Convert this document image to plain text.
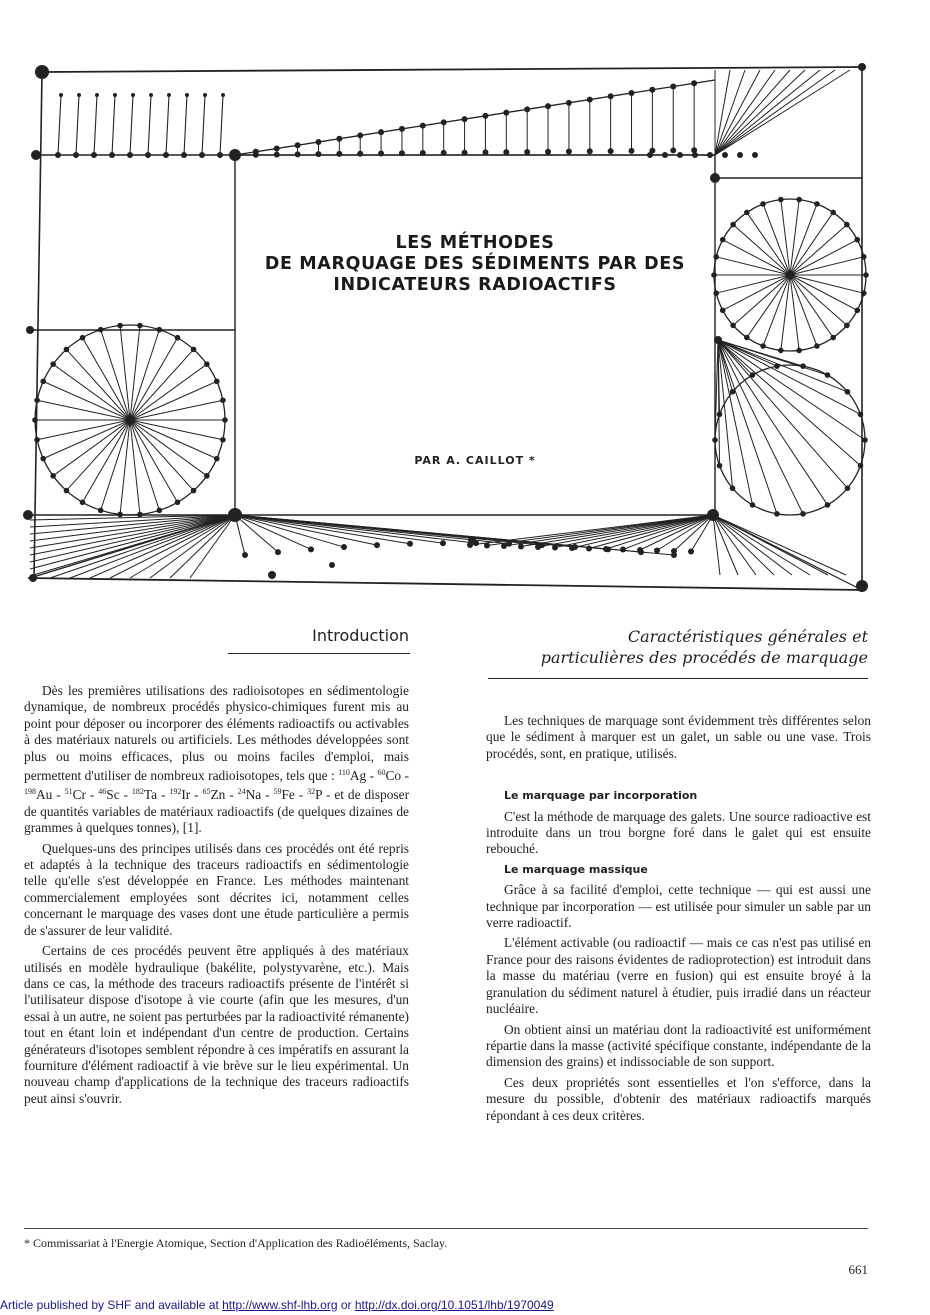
LES MÉTHODES
DE MARQUAGE DES SÉDIMENTS PAR DES
INDICATEURS RADIOACTIFS
PAR A. CAILLOT *
Introduction	Caractéristiques générales et
particulières des procédés de marquage

Dès les premières utilisations des radioisotopes en sédimentologie dynamique, de nombreux procédés physico-chimiques furent mis au point pour déposer ou incorporer des éléments radioactifs ou activables à des matériaux naturels ou artificiels. Les méthodes développées sont plus ou moins efficaces, plus ou moins faciles d'emploi, mais permettent d'utiliser de nombreux radioisotopes, tels que : $^{110}$Ag - $^{60}$Co - $^{198}$Au - $^{51}$Cr - $^{46}$Sc - $^{182}$Ta - $^{192}$Ir - $^{65}$Zn - $^{24}$Na - $^{59}$Fe - $^{32}$P - et de disposer de quantités variables de matériaux radioactifs (de quelques dizaines de grammes à quelques tonnes), [1].

Quelques-uns des principes utilisés dans ces procédés ont été repris et adaptés à la technique des traceurs radioactifs en sédimentologie telle qu'elle s'est développée en France. Les méthodes maintenant commercialement employées sont décrites ici, notamment celles concernant le marquage des vases dont une étude particulière a permis de s'assurer de leur validité.

Certains de ces procédés peuvent être appliqués à des matériaux utilisés en modèle hydraulique (bakélite, polystyvarène, etc.). Mais dans ce cas, la méthode des traceurs radioactifs présente de l'intérêt si l'utilisateur dispose d'isotope à vie courte (afin que les mesures, d'un essai à un autre, ne soient pas perturbées par la radioactivité rémanente) tout en étant loin et indépendant d'un centre de production. Certains générateurs d'isotopes semblent répondre à ces impératifs en assurant la fourniture d'élément radioactif à vie brève sur le lieu expérimental. Un nouveau champ d'applications de la technique des traceurs radioactifs peut ainsi s'ouvrir.

Les techniques de marquage sont évidemment très différentes selon que le sédiment à marquer est un galet, un sable ou une vase. Trois procédés, sont, en pratique, utilisés.

Le marquage par incorporation

C'est la méthode de marquage des galets. Une source radioactive est introduite dans un trou borgne foré dans le galet qui est ensuite rebouché.

Le marquage massique

Grâce à sa facilité d'emploi, cette technique — qui est aussi une technique par incorporation — est utilisée pour simuler un sable par un verre radioactif.

L'élément activable (ou radioactif — mais ce cas n'est pas utilisé en France pour des raisons évidentes de radioprotection) est introduit dans la masse du matériau (verre en fusion) qui est ensuite broyé à la granulation du sédiment naturel à étudier, puis irradié dans un réacteur nucléaire.

On obtient ainsi un matériau dont la radioactivité est uniformément répartie dans la masse (activité spécifique constante, indépendante de la dimension des grains) et indissociable de son support.

Ces deux propriétés sont essentielles et l'on s'efforce, dans la mesure du possible, d'obtenir des matériaux radioactifs marqués répondant à ces deux critères.

* Commissariat à l'Energie Atomique, Section d'Application des Radioéléments, Saclay.
661
Article published by SHF and available at http://www.shf-lhb.org or http://dx.doi.org/10.1051/lhb/1970049
